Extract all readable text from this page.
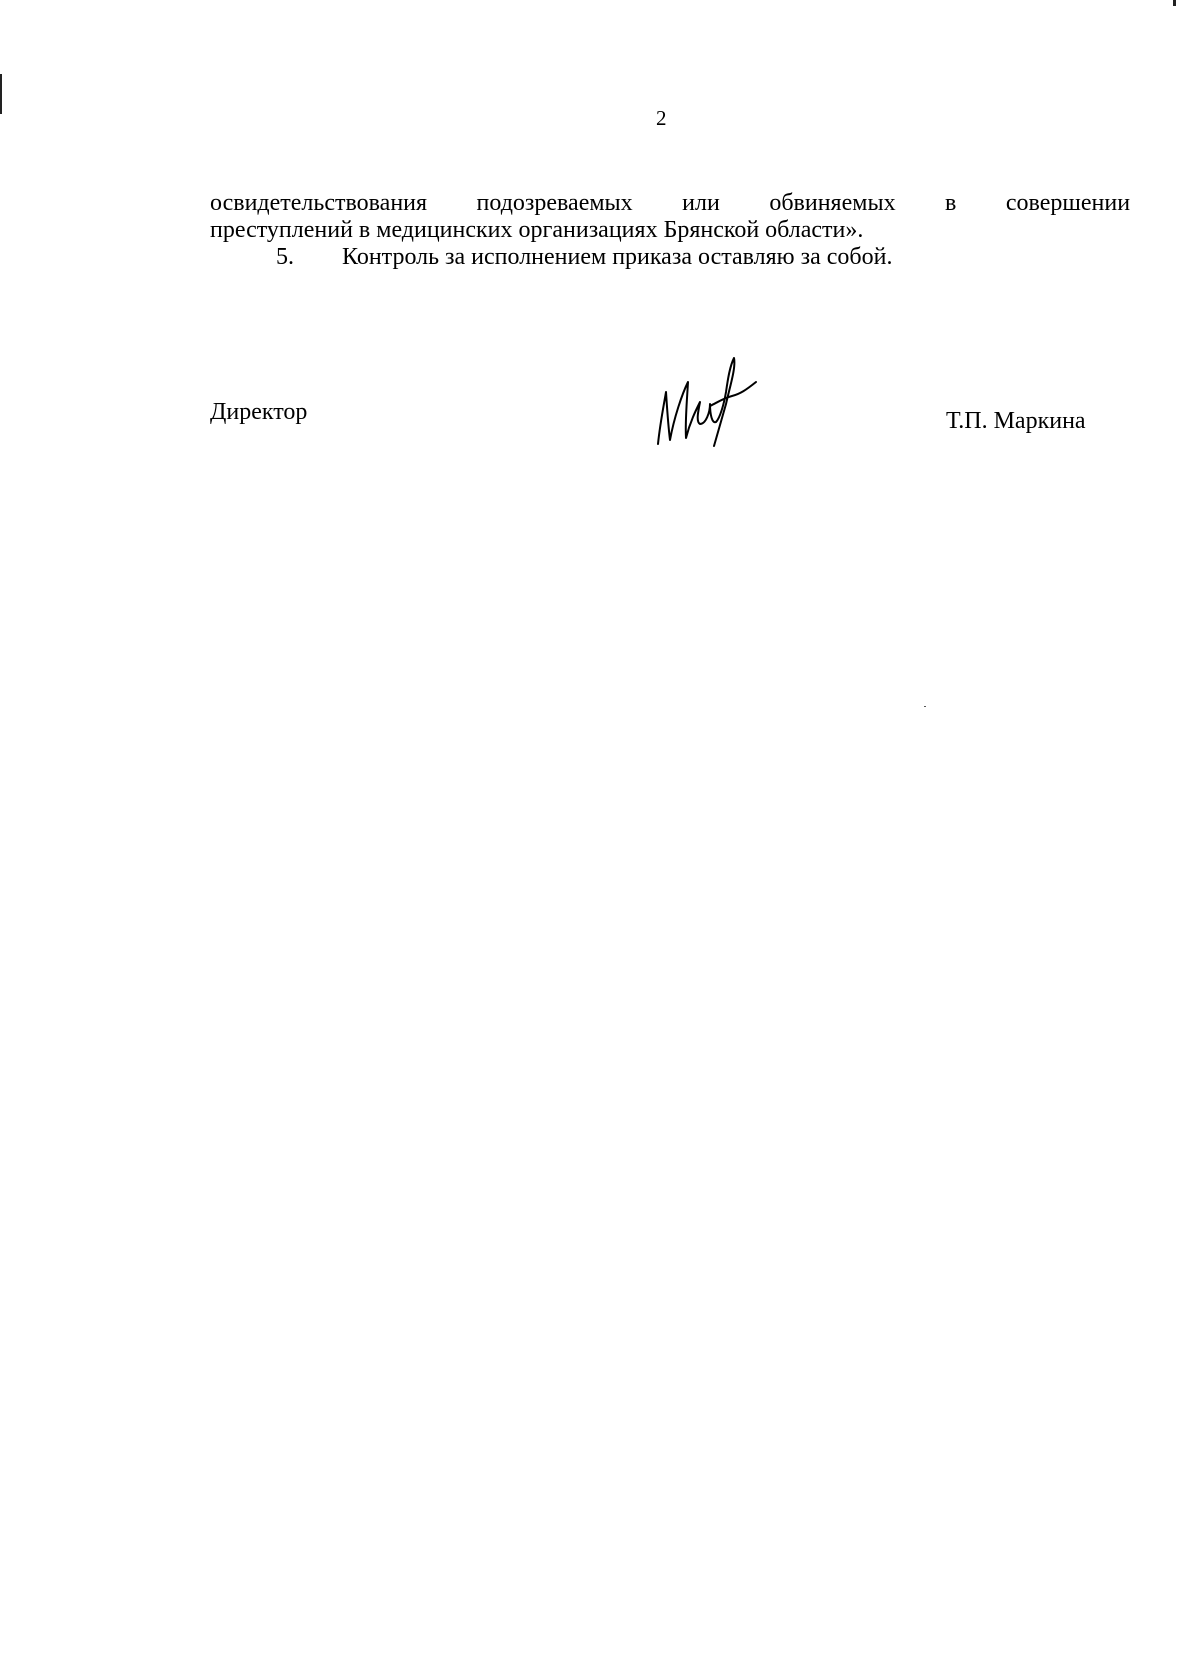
2
освидетельствования подозреваемых или обвиняемых в совершении
преступлений в медицинских организациях Брянской области».
5. Контроль за исполнением приказа оставляю за собой.
Директор	Т.П. Маркина
